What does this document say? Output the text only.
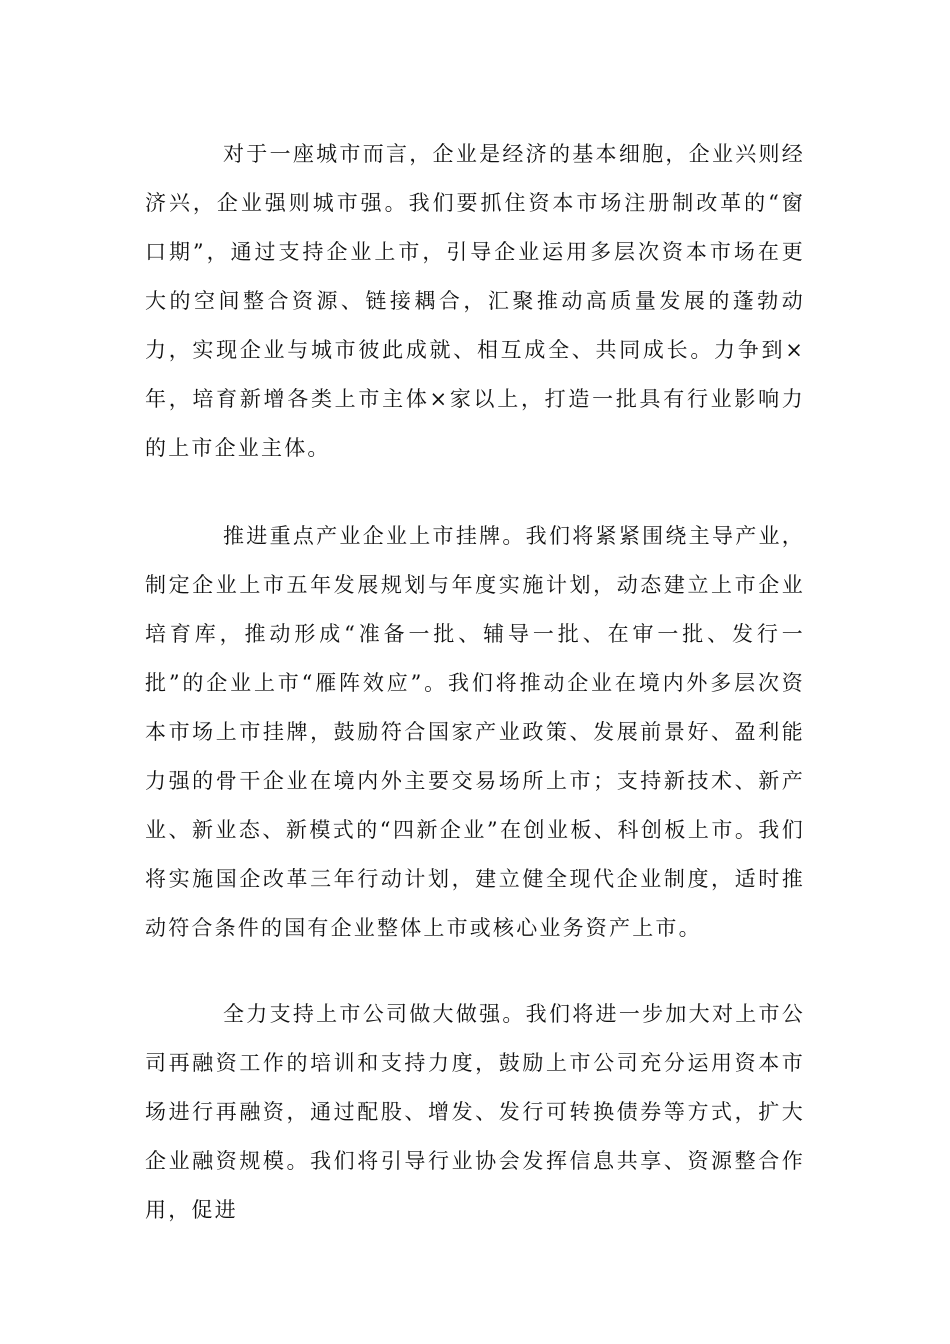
对于一座城市而言，企业是经济的基本细胞，企业兴则经济兴，企业强则城市强。我们要抓住资本市场注册制改革的“窗口期”，通过支持企业上市，引导企业运用多层次资本市场在更大的空间整合资源、链接耦合，汇聚推动高质量发展的蓬勃动力，实现企业与城市彼此成就、相互成全、共同成长。力争到×年，培育新增各类上市主体×家以上，打造一批具有行业影响力的上市企业主体。

推进重点产业企业上市挂牌。我们将紧紧围绕主导产业，制定企业上市五年发展规划与年度实施计划，动态建立上市企业培育库，推动形成“准备一批、辅导一批、在审一批、发行一批”的企业上市“雁阵效应”。我们将推动企业在境内外多层次资本市场上市挂牌，鼓励符合国家产业政策、发展前景好、盈利能力强的骨干企业在境内外主要交易场所上市；支持新技术、新产业、新业态、新模式的“四新企业”在创业板、科创板上市。我们将实施国企改革三年行动计划，建立健全现代企业制度，适时推动符合条件的国有企业整体上市或核心业务资产上市。

全力支持上市公司做大做强。我们将进一步加大对上市公司再融资工作的培训和支持力度，鼓励上市公司充分运用资本市场进行再融资，通过配股、增发、发行可转换债券等方式，扩大企业融资规模。我们将引导行业协会发挥信息共享、资源整合作用，促进
